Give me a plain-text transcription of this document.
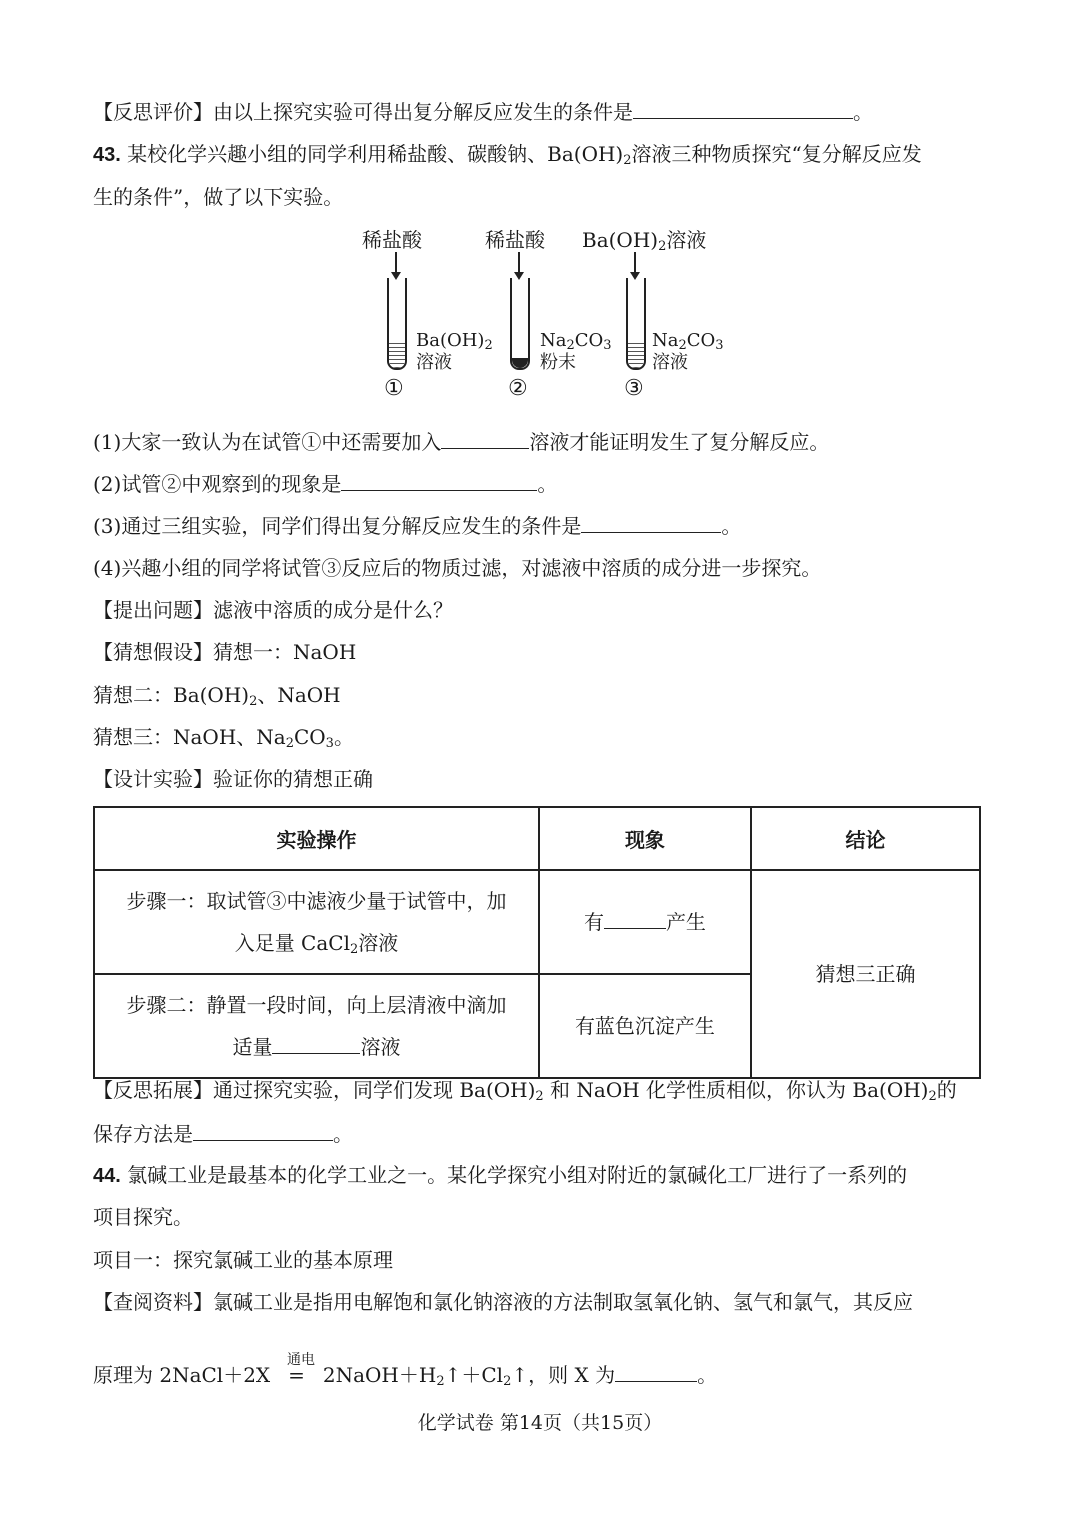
【反思评价】由以上探究实验可得出复分解反应发生的条件是	。
43. 某校化学兴趣小组的同学利用稀盐酸、碳酸钠、$Ba(OH)_2$溶液三种物质探究“复分解反应发
生的条件”，做了以下实验。
稀盐酸	稀盐酸 $Ba(OH)_2$溶液
$Ba(OH)_2$
溶液
$Na_2CO_3$
粉末
$Na_2CO_3$
溶液
①	②	③
(1)大家一致认为在试管①中还需要加入	溶液才能证明发生了复分解反应。
(2)试管②中观察到的现象是	。
(3)通过三组实验，同学们得出复分解反应发生的条件是	。
(4)兴趣小组的同学将试管③反应后的物质过滤，对滤液中溶质的成分进一步探究。
【提出问题】滤液中溶质的成分是什么？
【猜想假设】猜想一：NaOH
猜想二：$Ba(OH)_2$、NaOH
猜想三：NaOH、$Na_2CO_3$。
【设计实验】验证你的猜想正确
实验操作	现象	结论
步骤一：取试管③中滤液少量于试管中，加
入足量 CaCl$_2$溶液	有 产生	猜想三正确
步骤二：静置一段时间，向上层清液中滴加
适量 溶液	有蓝色沉淀产生	
【反思拓展】通过探究实验，同学们发现 $Ba(OH)_2$ 和 NaOH 化学性质相似，你认为 $Ba(OH)_2$的
保存方法是	。
44. 氯碱工业是最基本的化学工业之一。某化学探究小组对附近的氯碱化工厂进行了一系列的
项目探究。
项目一：探究氯碱工业的基本原理
【查阅资料】氯碱工业是指用电解饱和氯化钠溶液的方法制取氢氧化钠、氢气和氯气，其反应
通电
原理为 2NaCl＋2X = $2NaOH+H_2↑+Cl_2↑$，则 X 为	。
化学试卷 第14页（共15页）
